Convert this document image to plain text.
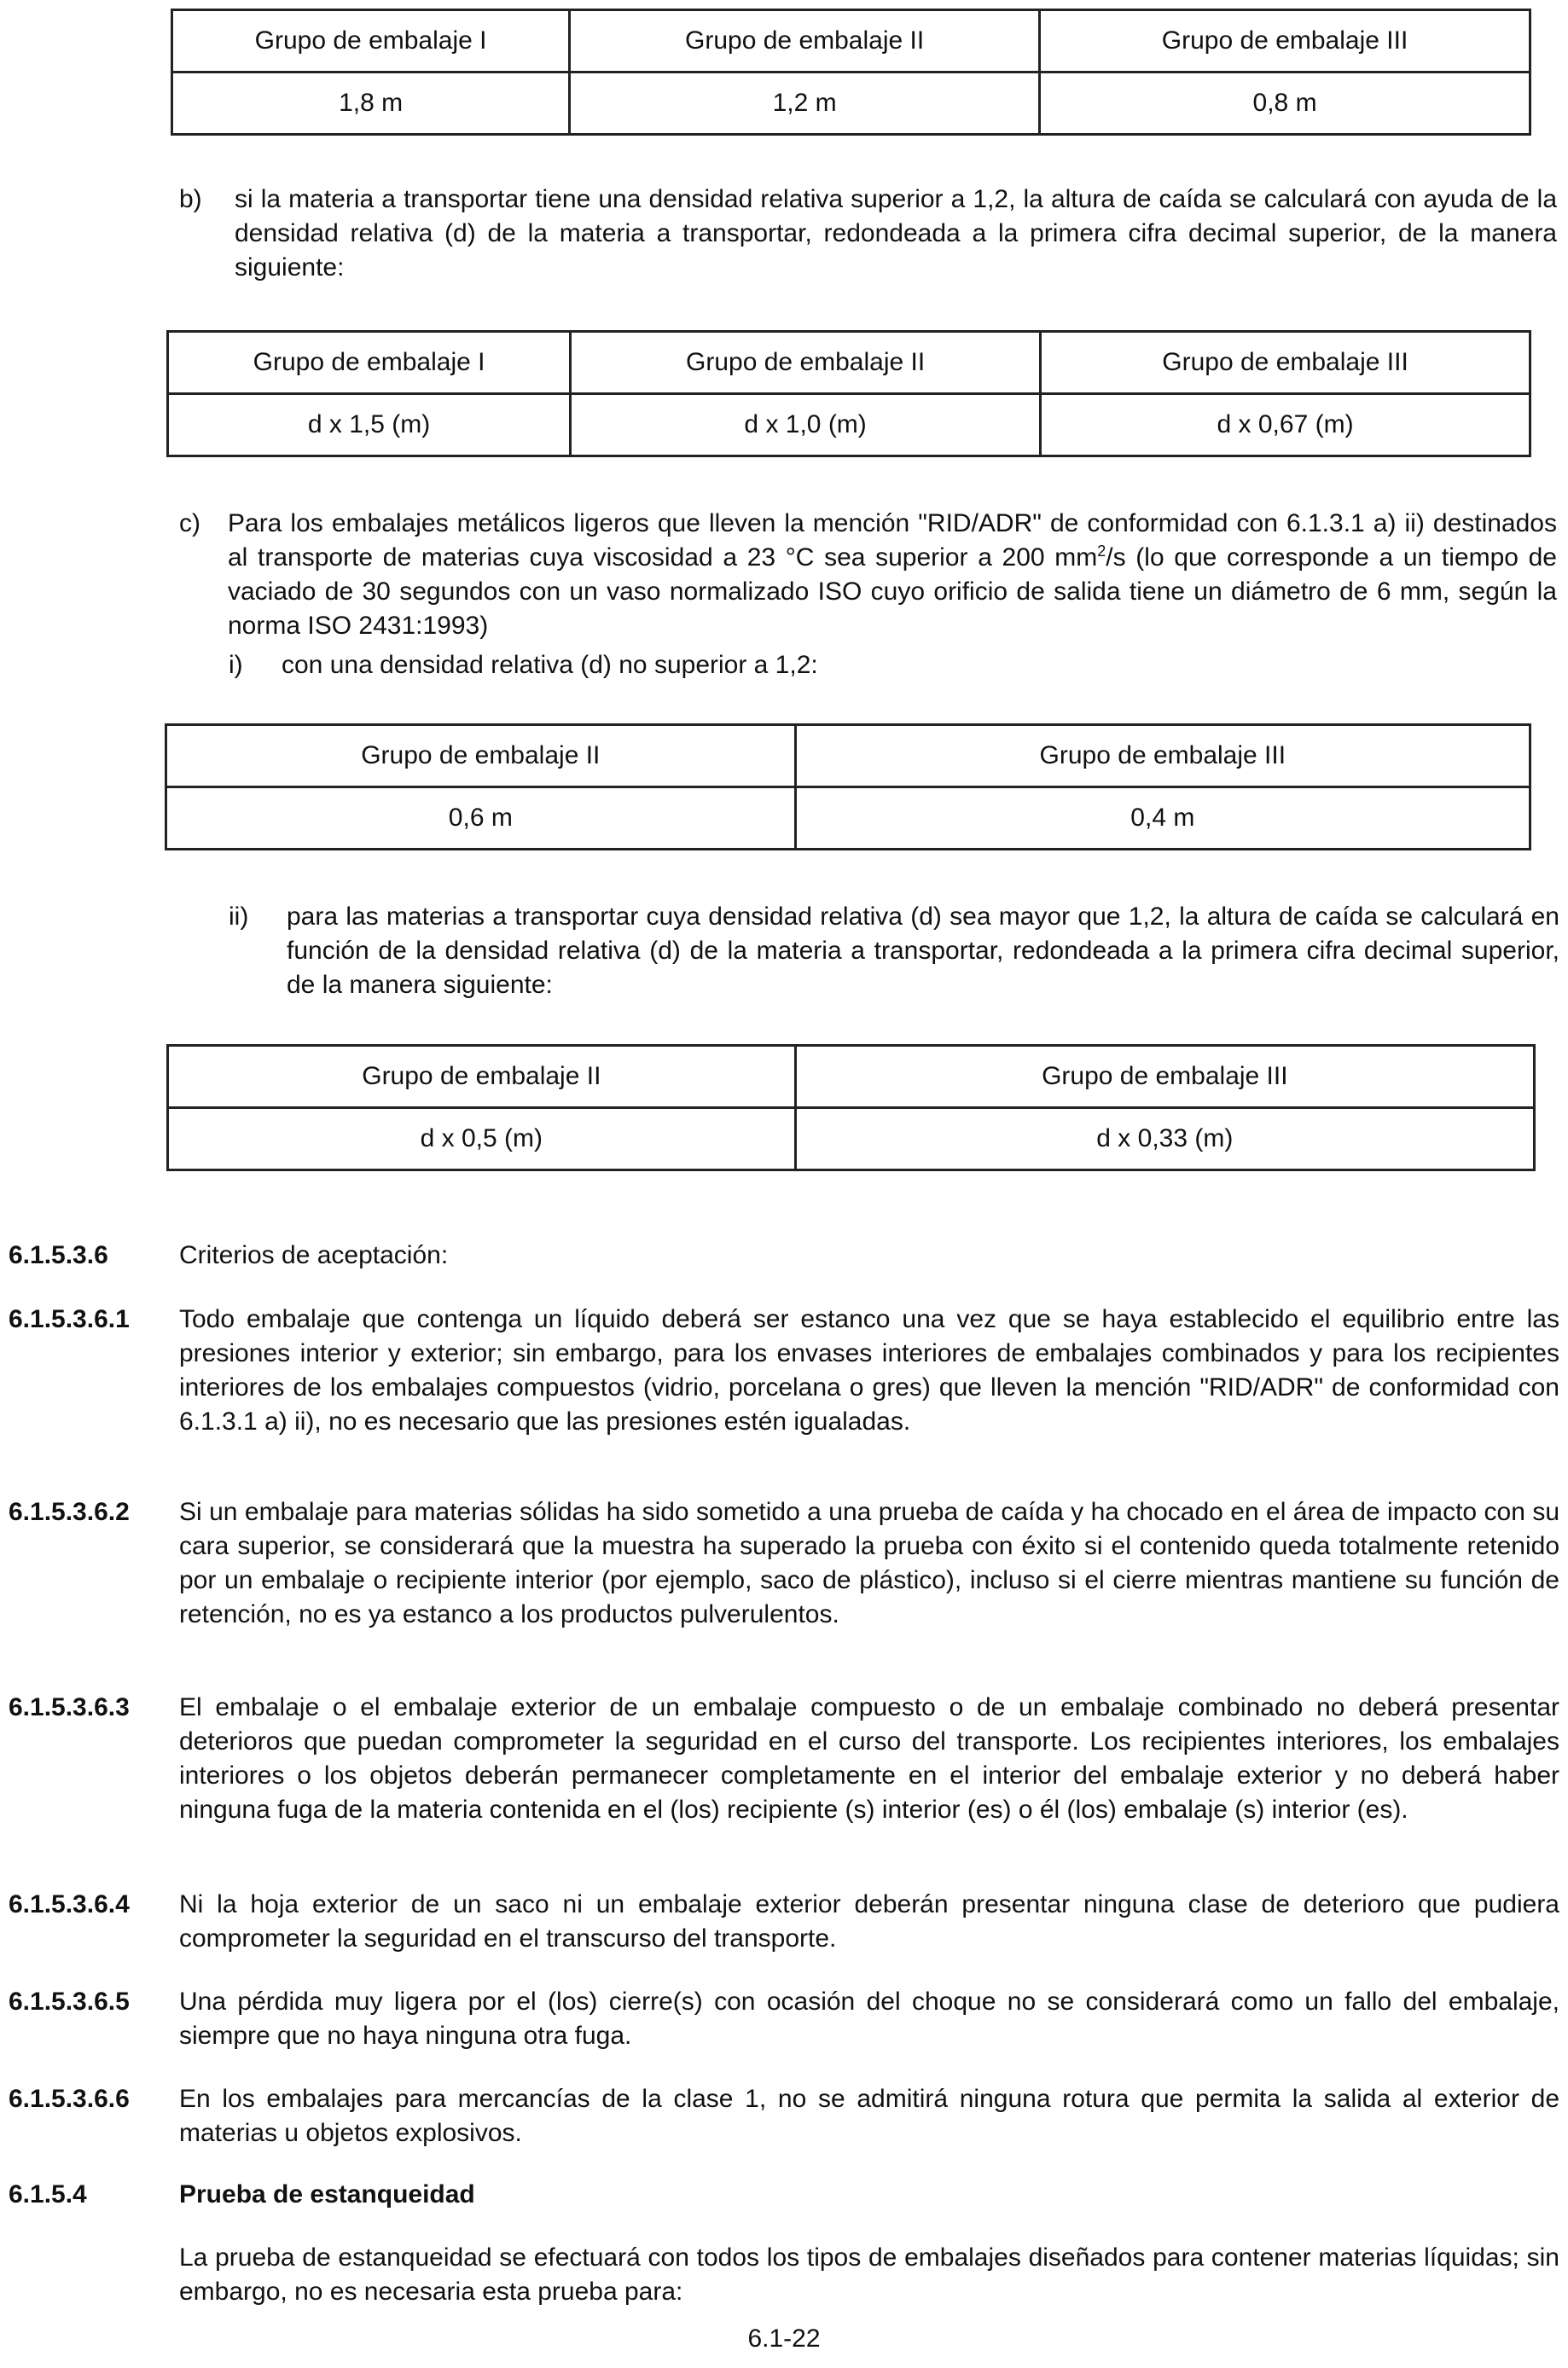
Grupo de embalaje I	Grupo de embalaje II	Grupo de embalaje III
1,8 m	1,2 m	0,8 m
b) si la materia a transportar tiene una densidad relativa superior a 1,2, la altura de caída se calculará con ayuda de la densidad relativa (d) de la materia a transportar, redondeada a la primera cifra decimal superior, de la manera siguiente:
Grupo de embalaje I	Grupo de embalaje II	Grupo de embalaje III
d x 1,5 (m)	d x 1,0 (m)	d x 0,67 (m)
c) Para los embalajes metálicos ligeros que lleven la mención "RID/ADR" de conformidad con 6.1.3.1 a) ii) destinados al transporte de materias cuya viscosidad a 23 °C sea superior a 200 $mm^2/s$ (lo que corresponde a un tiempo de vaciado de 30 segundos con un vaso normalizado ISO cuyo orificio de salida tiene un diámetro de 6 mm, según la norma ISO 2431:1993)
i) con una densidad relativa (d) no superior a 1,2:
Grupo de embalaje II	Grupo de embalaje III
0,6 m	0,4 m
ii) para las materias a transportar cuya densidad relativa (d) sea mayor que 1,2, la altura de caída se calculará en función de la densidad relativa (d) de la materia a transportar, redondeada a la primera cifra decimal superior, de la manera siguiente:
Grupo de embalaje II	Grupo de embalaje III
d x 0,5 (m)	d x 0,33 (m)
6.1.5.3.6	Criterios de aceptación:
6.1.5.3.6.1 Todo embalaje que contenga un líquido deberá ser estanco una vez que se haya establecido el equilibrio entre las presiones interior y exterior; sin embargo, para los envases interiores de embalajes combinados y para los recipientes interiores de los embalajes compuestos (vidrio, porcelana o gres) que lleven la mención "RID/ADR" de conformidad con 6.1.3.1 a) ii), no es necesario que las presiones estén igualadas.
6.1.5.3.6.2 Si un embalaje para materias sólidas ha sido sometido a una prueba de caída y ha chocado en el área de impacto con su cara superior, se considerará que la muestra ha superado la prueba con éxito si el contenido queda totalmente retenido por un embalaje o recipiente interior (por ejemplo, saco de plástico), incluso si el cierre mientras mantiene su función de retención, no es ya estanco a los productos pulverulentos.
6.1.5.3.6.3 El embalaje o el embalaje exterior de un embalaje compuesto o de un embalaje combinado no deberá presentar deterioros que puedan comprometer la seguridad en el curso del transporte. Los recipientes interiores, los embalajes interiores o los objetos deberán permanecer completamente en el interior del embalaje exterior y no deberá haber ninguna fuga de la materia contenida en el (los) recipiente (s) interior (es) o él (los) embalaje (s) interior (es).
6.1.5.3.6.4 Ni la hoja exterior de un saco ni un embalaje exterior deberán presentar ninguna clase de deterioro que pudiera comprometer la seguridad en el transcurso del transporte.
6.1.5.3.6.5 Una pérdida muy ligera por el (los) cierre(s) con ocasión del choque no se considerará como un fallo del embalaje, siempre que no haya ninguna otra fuga.
6.1.5.3.6.6 En los embalajes para mercancías de la clase 1, no se admitirá ninguna rotura que permita la salida al exterior de materias u objetos explosivos.
6.1.5.4	Prueba de estanqueidad
La prueba de estanqueidad se efectuará con todos los tipos de embalajes diseñados para contener materias líquidas; sin embargo, no es necesaria esta prueba para:
6.1-22
